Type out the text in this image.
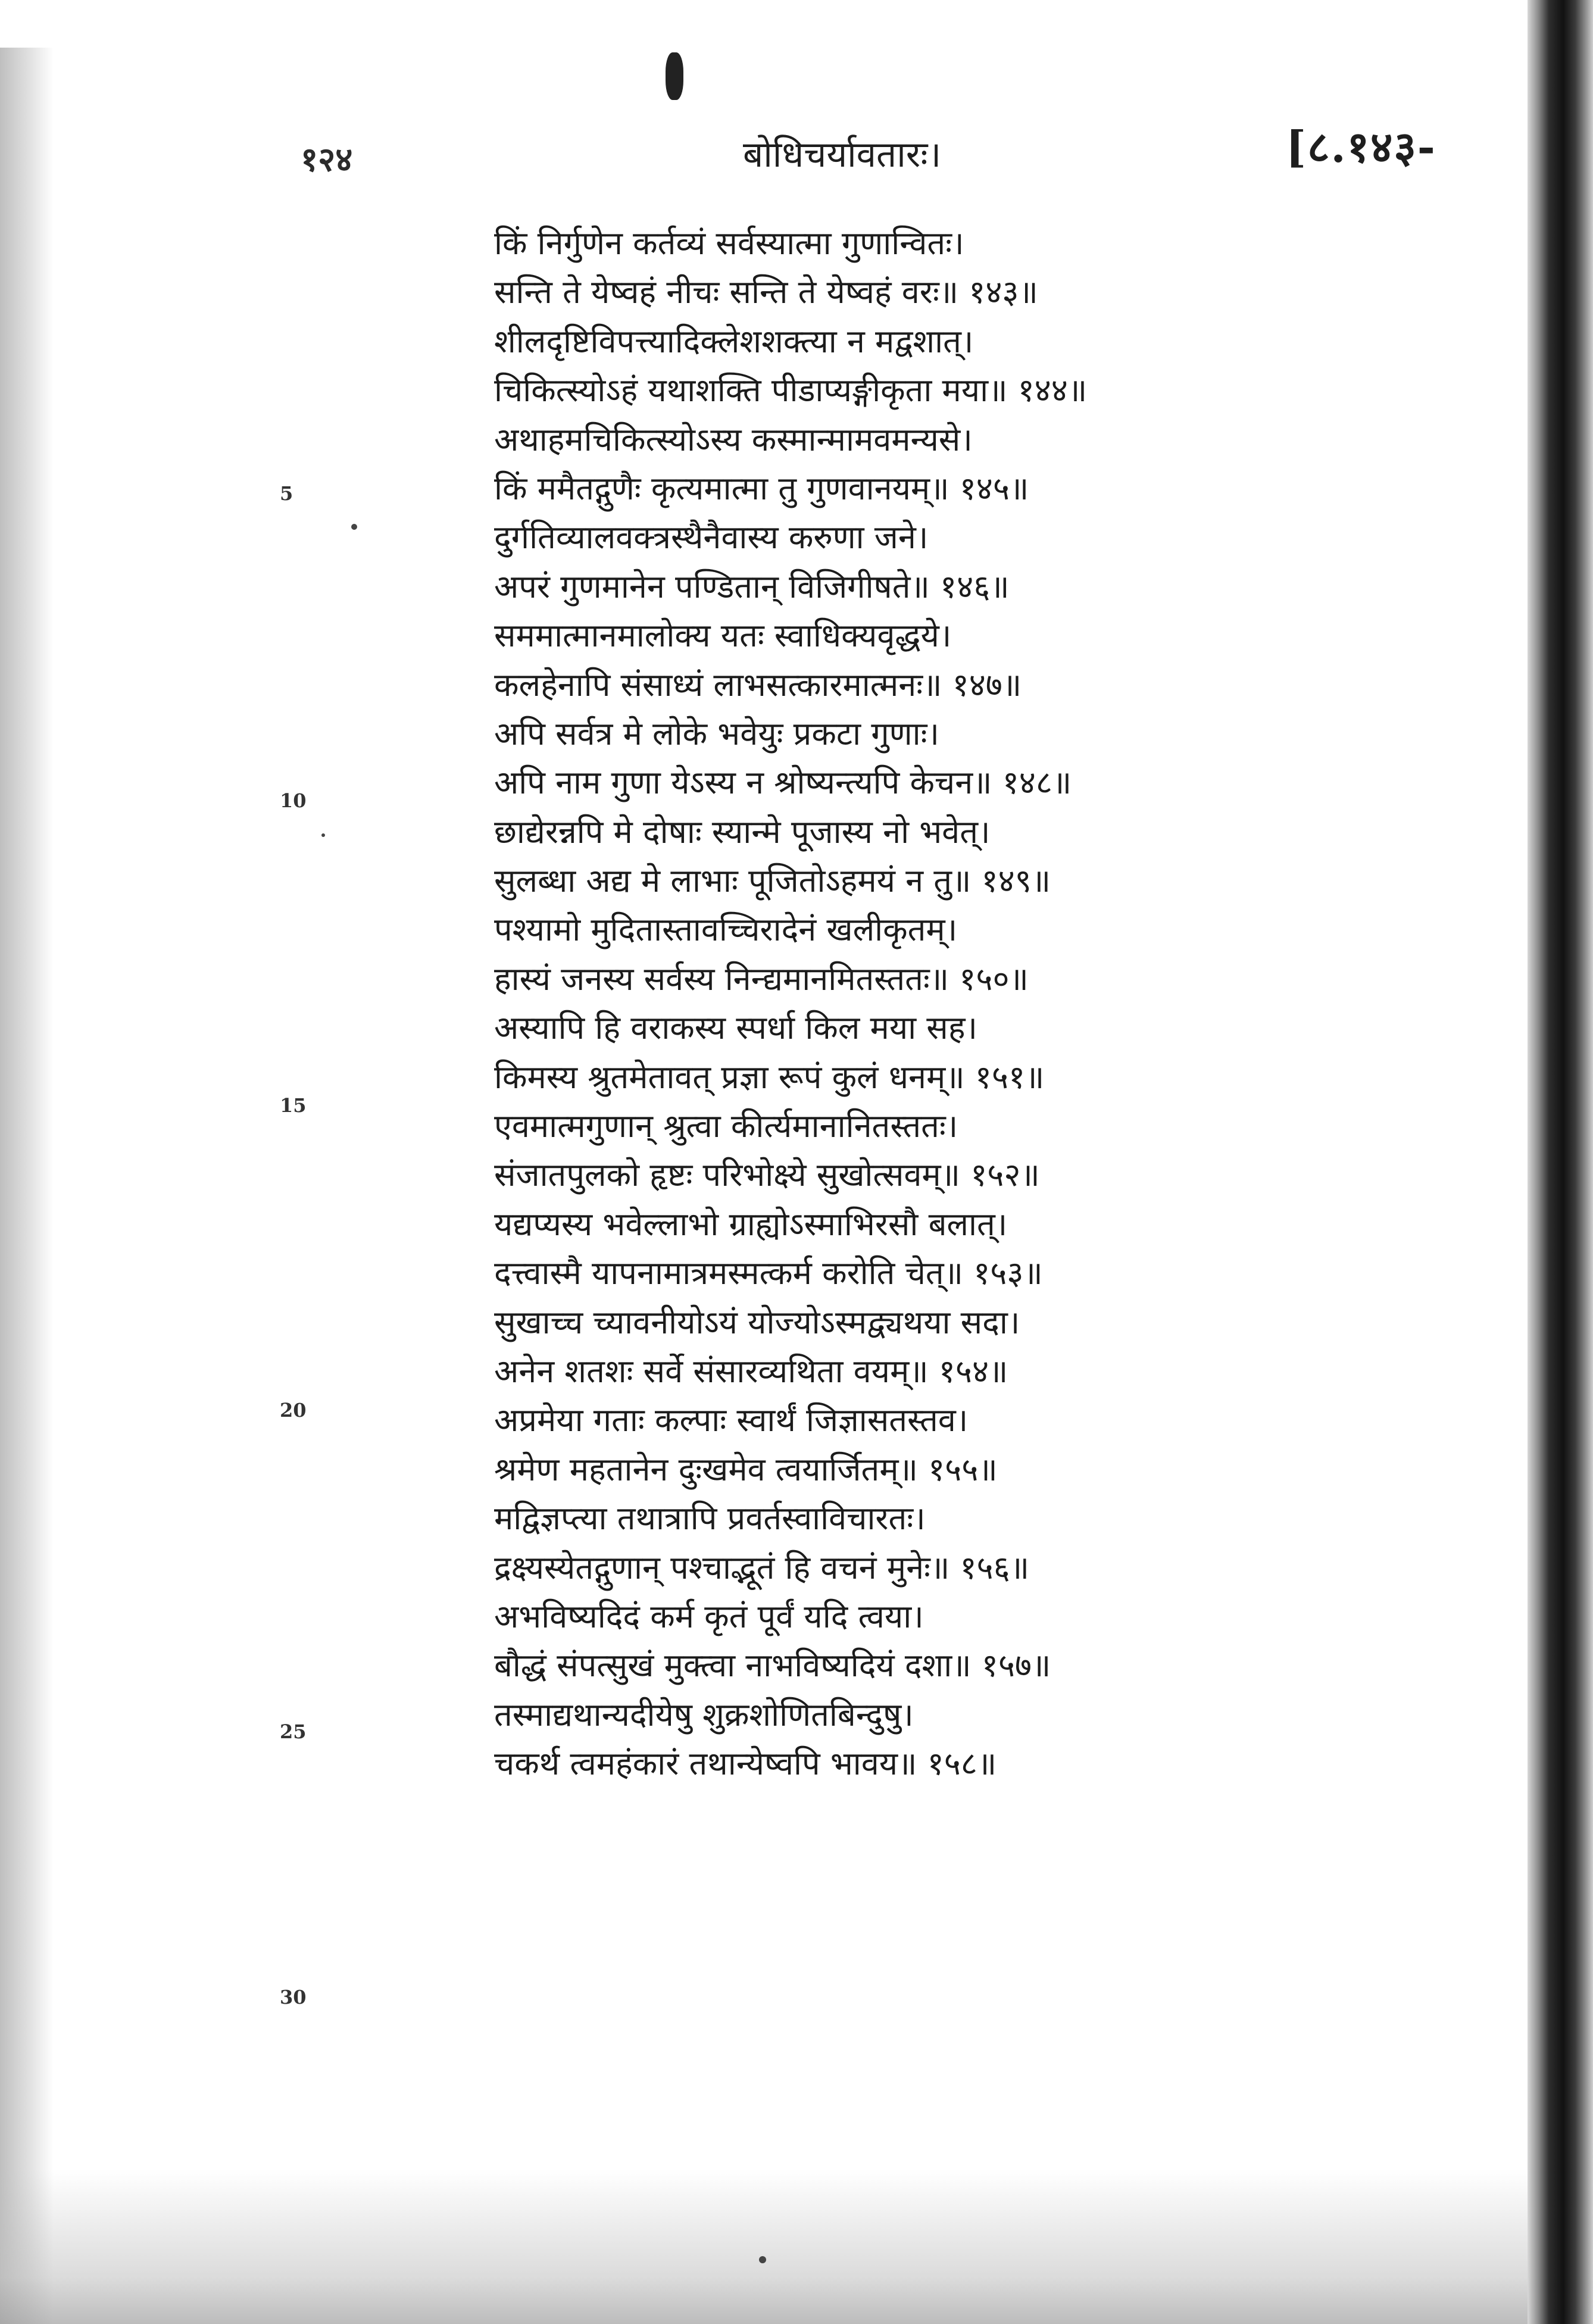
१२४	बोधिचर्यावतारः।	[८.१४३-
5
10
15
20
25
30
किं निर्गुणेन कर्तव्यं सर्वस्यात्मा गुणान्वितः।
सन्ति ते येष्वहं नीचः सन्ति ते येष्वहं वरः॥ १४३॥
शीलदृष्टिविपत्त्यादिक्लेशशक्त्या न मद्वशात्।
चिकित्स्योऽहं यथाशक्ति पीडाप्यङ्गीकृता मया॥ १४४॥
अथाहमचिकित्स्योऽस्य कस्मान्मामवमन्यसे।
किं ममैतद्गुणैः कृत्यमात्मा तु गुणवानयम्॥ १४५॥
दुर्गतिव्यालवक्त्रस्थैनैवास्य करुणा जने।
अपरं गुणमानेन पण्डितान् विजिगीषते॥ १४६॥
सममात्मानमालोक्य यतः स्वाधिक्यवृद्धये।
कलहेनापि संसाध्यं लाभसत्कारमात्मनः॥ १४७॥
अपि सर्वत्र मे लोके भवेयुः प्रकटा गुणाः।
अपि नाम गुणा येऽस्य न श्रोष्यन्त्यपि केचन॥ १४८॥
छाद्येरन्नपि मे दोषाः स्यान्मे पूजास्य नो भवेत्।
सुलब्धा अद्य मे लाभाः पूजितोऽहमयं न तु॥ १४९॥
पश्यामो मुदितास्तावच्चिरादेनं खलीकृतम्।
हास्यं जनस्य सर्वस्य निन्द्यमानमितस्ततः॥ १५०॥
अस्यापि हि वराकस्य स्पर्धा किल मया सह।
किमस्य श्रुतमेतावत् प्रज्ञा रूपं कुलं धनम्॥ १५१॥
एवमात्मगुणान् श्रुत्वा कीर्त्यमानानितस्ततः।
संजातपुलको हृष्टः परिभोक्ष्ये सुखोत्सवम्॥ १५२॥
यद्यप्यस्य भवेल्लाभो ग्राह्योऽस्माभिरसौ बलात्।
दत्त्वास्मै यापनामात्रमस्मत्कर्म करोति चेत्॥ १५३॥
सुखाच्च च्यावनीयोऽयं योज्योऽस्मद्व्यथया सदा।
अनेन शतशः सर्वे संसारव्यथिता वयम्॥ १५४॥
अप्रमेया गताः कल्पाः स्वार्थं जिज्ञासतस्तव।
श्रमेण महतानेन दुःखमेव त्वयार्जितम्॥ १५५॥
मद्विज्ञप्त्या तथात्रापि प्रवर्तस्वाविचारतः।
द्रक्ष्यस्येतद्गुणान् पश्चाद्भूतं हि वचनं मुनेः॥ १५६॥
अभविष्यदिदं कर्म कृतं पूर्वं यदि त्वया।
बौद्धं संपत्सुखं मुक्त्वा नाभविष्यदियं दशा॥ १५७॥
तस्माद्यथान्यदीयेषु शुक्रशोणितबिन्दुषु।
चकर्थ त्वमहंकारं तथान्येष्वपि भावय॥ १५८॥
